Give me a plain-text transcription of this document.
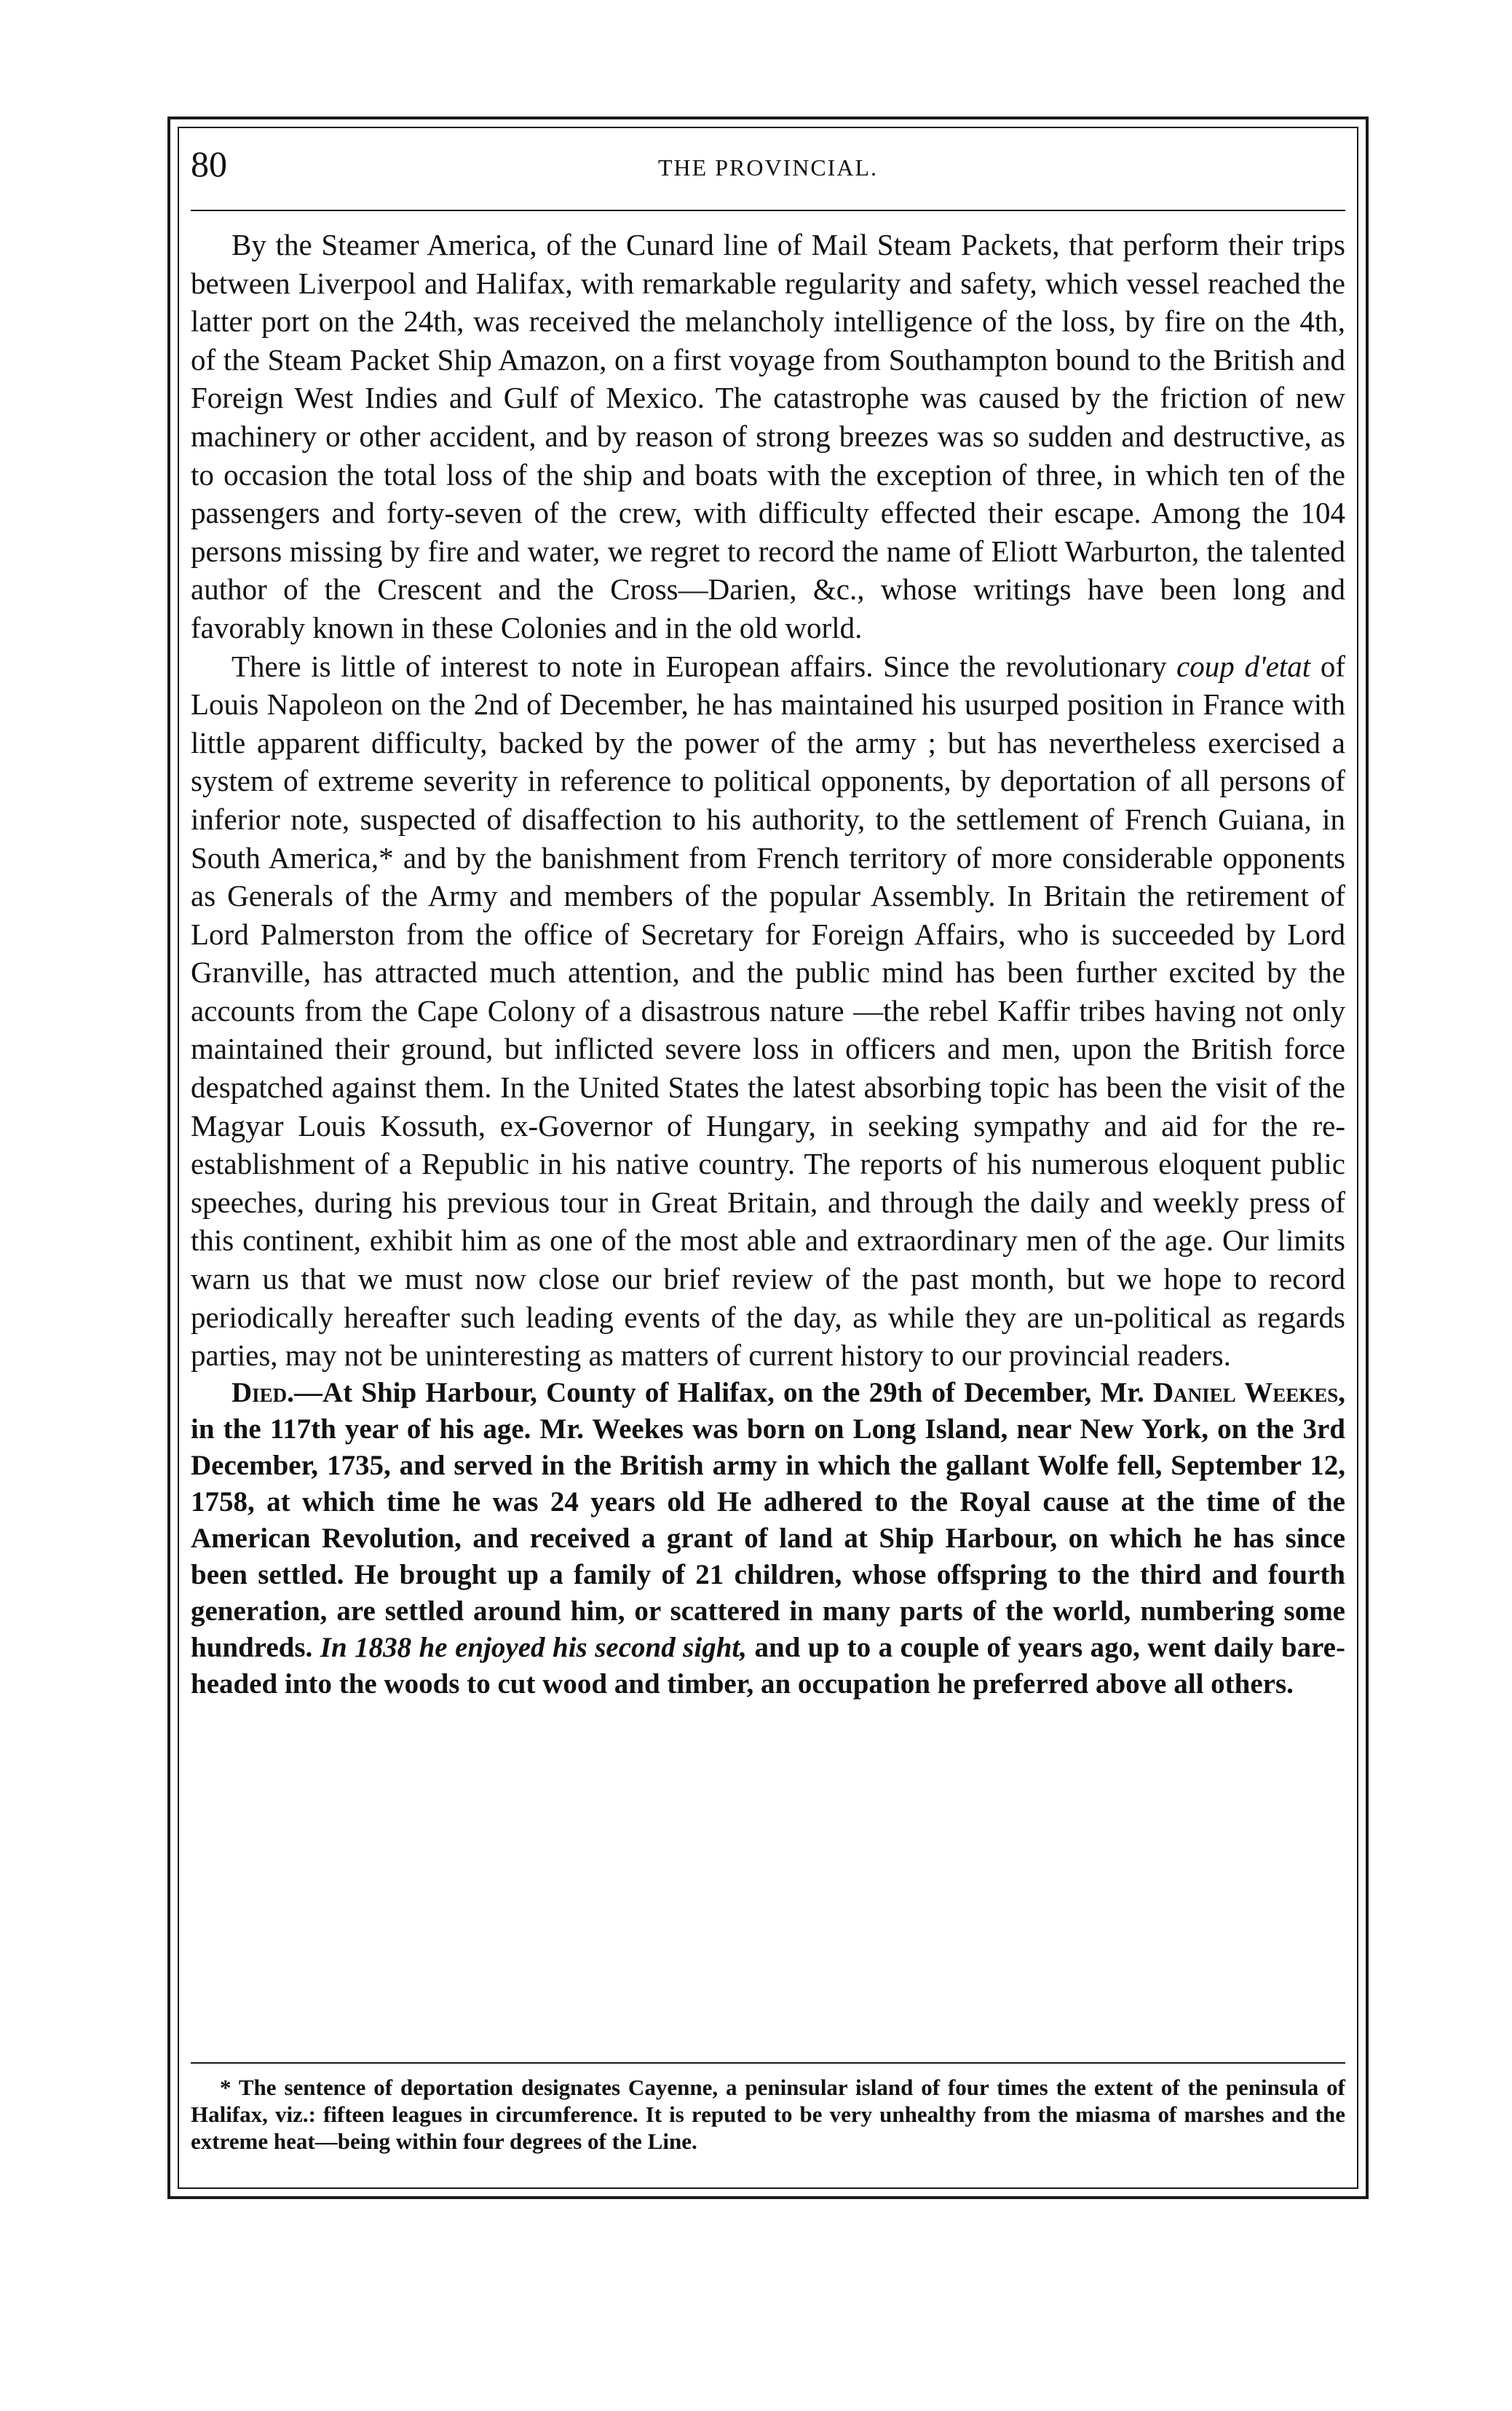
80	THE PROVINCIAL.

By the Steamer America, of the Cunard line of Mail Steam Packets, that perform their trips between Liverpool and Halifax, with remarkable regularity and safety, which vessel reached the latter port on the 24th, was received the melancholy intelligence of the loss, by fire on the 4th, of the Steam Packet Ship Amazon, on a first voyage from Southampton bound to the British and Foreign West Indies and Gulf of Mexico. The catastrophe was caused by the friction of new machinery or other accident, and by reason of strong breezes was so sudden and destructive, as to occasion the total loss of the ship and boats with the exception of three, in which ten of the passengers and forty-seven of the crew, with difficulty effected their escape. Among the 104 persons missing by fire and water, we regret to record the name of Eliott Warburton, the talented author of the Crescent and the Cross—Darien, &c., whose writings have been long and favorably known in these Colonies and in the old world.

There is little of interest to note in European affairs. Since the revolutionary coup d'etat of Louis Napoleon on the 2nd of December, he has maintained his usurped position in France with little apparent difficulty, backed by the power of the army ; but has nevertheless exercised a system of extreme severity in reference to political opponents, by deportation of all persons of inferior note, suspected of disaffection to his authority, to the settlement of French Guiana, in South America,* and by the banishment from French territory of more considerable opponents as Generals of the Army and members of the popular Assembly. In Britain the retirement of Lord Palmerston from the office of Secretary for Foreign Affairs, who is succeeded by Lord Granville, has attracted much attention, and the public mind has been further excited by the accounts from the Cape Colony of a disastrous nature —the rebel Kaffir tribes having not only maintained their ground, but inflicted severe loss in officers and men, upon the British force despatched against them. In the United States the latest absorbing topic has been the visit of the Magyar Louis Kossuth, ex-Governor of Hungary, in seeking sympathy and aid for the re-establishment of a Republic in his native country. The reports of his numerous eloquent public speeches, during his previous tour in Great Britain, and through the daily and weekly press of this continent, exhibit him as one of the most able and extraordinary men of the age. Our limits warn us that we must now close our brief review of the past month, but we hope to record periodically hereafter such leading events of the day, as while they are un-political as regards parties, may not be uninteresting as matters of current history to our provincial readers.

Died.—At Ship Harbour, County of Halifax, on the 29th of December, Mr. Daniel Weekes, in the 117th year of his age. Mr. Weekes was born on Long Island, near New York, on the 3rd December, 1735, and served in the British army in which the gallant Wolfe fell, September 12, 1758, at which time he was 24 years old He adhered to the Royal cause at the time of the American Revolution, and received a grant of land at Ship Harbour, on which he has since been settled. He brought up a family of 21 children, whose offspring to the third and fourth generation, are settled around him, or scattered in many parts of the world, numbering some hundreds. In 1838 he enjoyed his second sight, and up to a couple of years ago, went daily bare-headed into the woods to cut wood and timber, an occupation he preferred above all others.

* The sentence of deportation designates Cayenne, a peninsular island of four times the extent of the peninsula of Halifax, viz.: fifteen leagues in circumference. It is reputed to be very unhealthy from the miasma of marshes and the extreme heat—being within four degrees of the Line.
